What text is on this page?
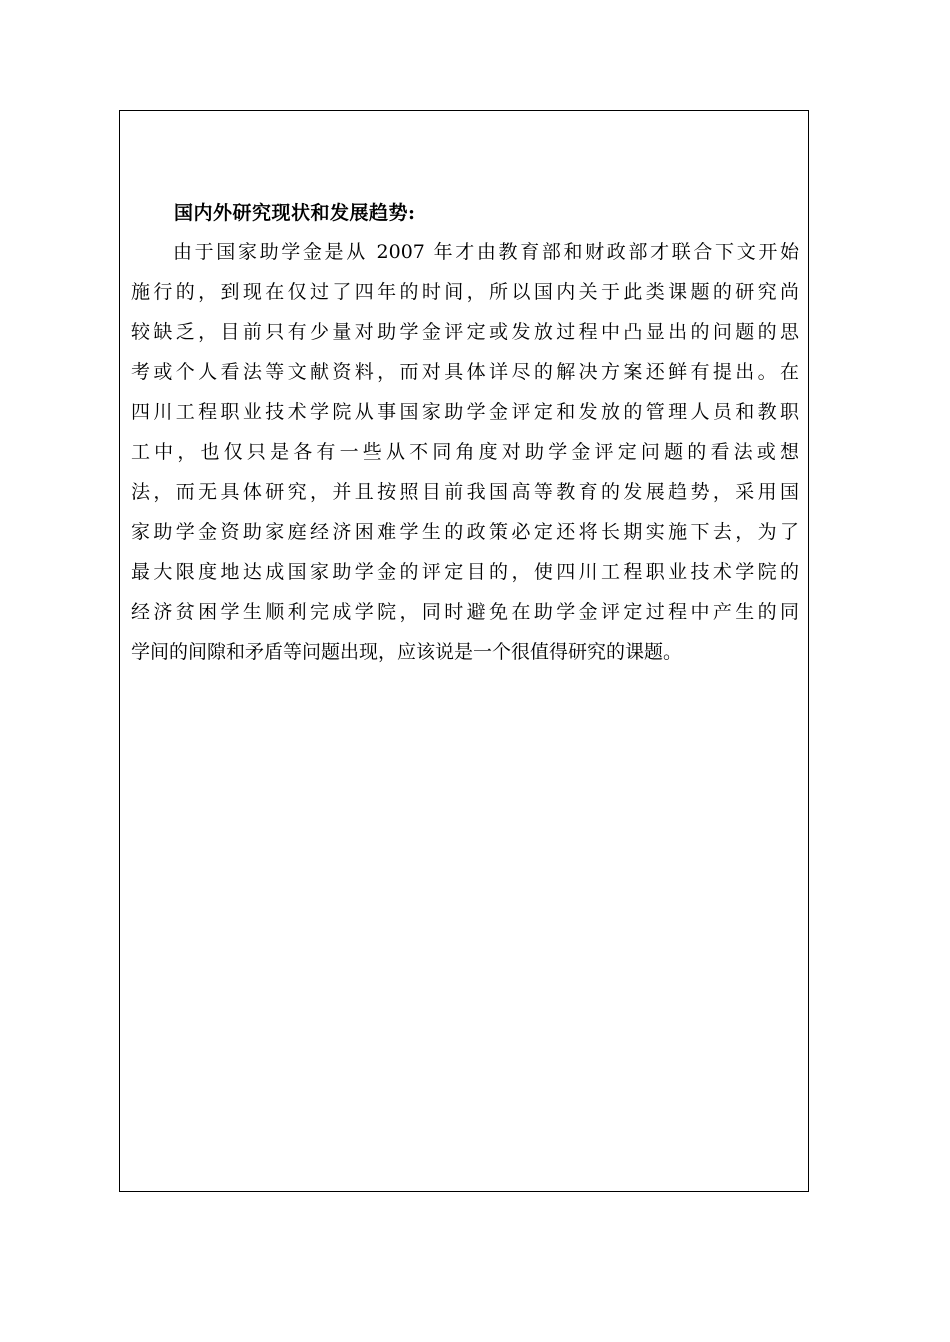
国内外研究现状和发展趋势:
由于国家助学金是从 2007 年才由教育部和财政部才联合下文开始
施行的，到现在仅过了四年的时间，所以国内关于此类课题的研究尚
较缺乏，目前只有少量对助学金评定或发放过程中凸显出的问题的思
考或个人看法等文献资料，而对具体详尽的解决方案还鲜有提出。在
四川工程职业技术学院从事国家助学金评定和发放的管理人员和教职
工中，也仅只是各有一些从不同角度对助学金评定问题的看法或想
法，而无具体研究，并且按照目前我国高等教育的发展趋势，采用国
家助学金资助家庭经济困难学生的政策必定还将长期实施下去，为了
最大限度地达成国家助学金的评定目的，使四川工程职业技术学院的
经济贫困学生顺利完成学院，同时避免在助学金评定过程中产生的同
学间的间隙和矛盾等问题出现，应该说是一个很值得研究的课题。
